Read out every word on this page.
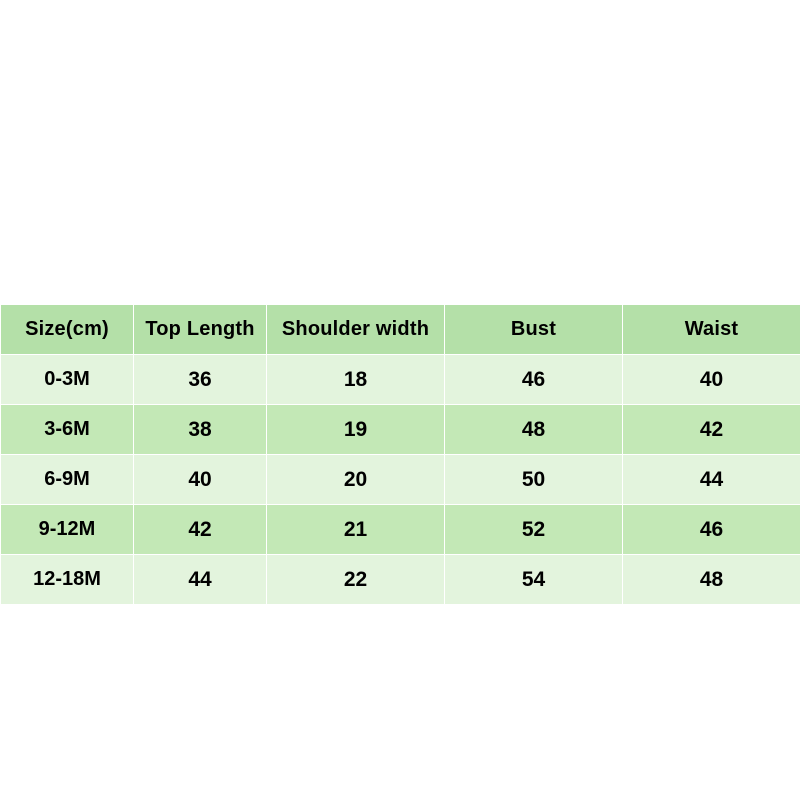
Size(cm)	Top Length	Shoulder width	Bust	Waist
0-3M	36	18	46	40
3-6M	38	19	48	42
6-9M	40	20	50	44
9-12M	42	21	52	46
12-18M	44	22	54	48
